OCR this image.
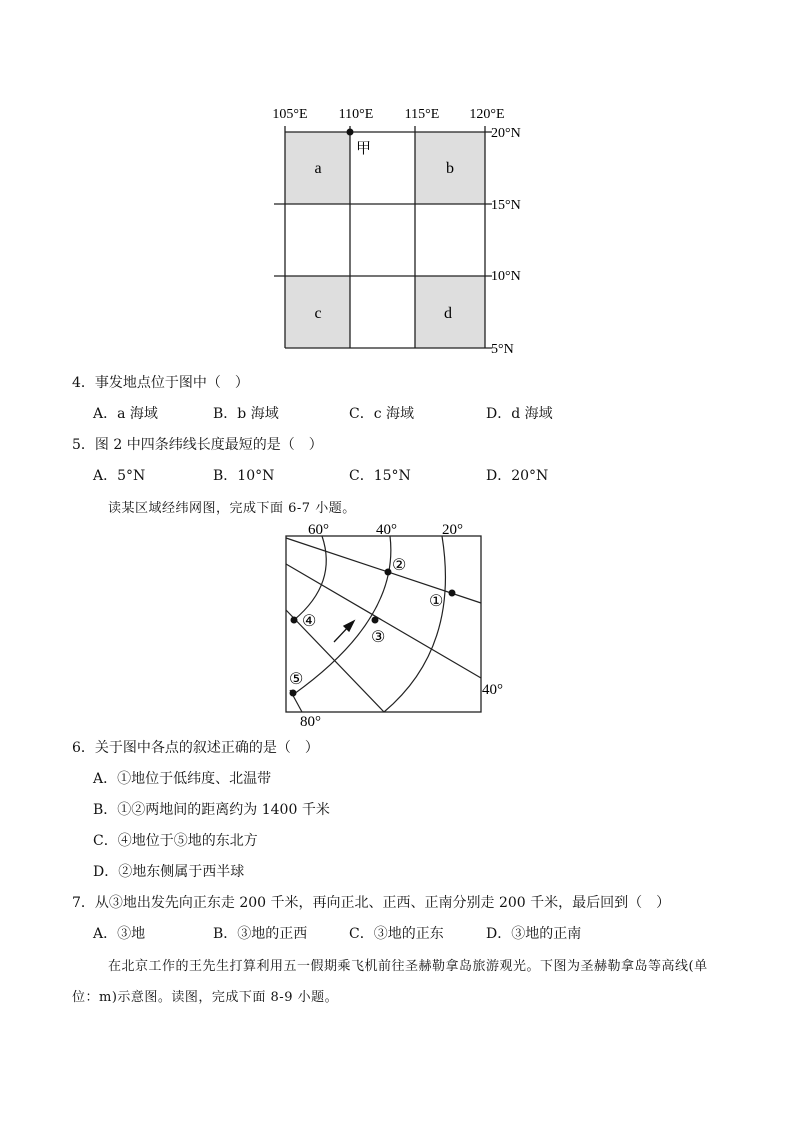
105°E 110°E 115°E 120°E
20°N
15°N
10°N
5°N
甲
a	b
c	d
4．事发地点位于图中（　）
A．a 海域	B．b 海域	C．c 海域	D．d 海域
5．图 2 中四条纬线长度最短的是（　）
A．5°N	B．10°N	C．15°N	D．20°N
读某区域经纬网图，完成下面 6-7 小题。
60°	40°	20°
40°
80°
①
②
③
④
⑤
6．关于图中各点的叙述正确的是（　）
A．①地位于低纬度、北温带
B．①②两地间的距离约为 1400 千米
C．④地位于⑤地的东北方
D．②地东侧属于西半球
7．从③地出发先向正东走 200 千米，再向正北、正西、正南分别走 200 千米，最后回到（　）
A．③地	B．③地的正西	C．③地的正东	D．③地的正南
在北京工作的王先生打算利用五一假期乘飞机前往圣赫勒拿岛旅游观光。下图为圣赫勒拿岛等高线(单
位：m)示意图。读图，完成下面 8-9 小题。
